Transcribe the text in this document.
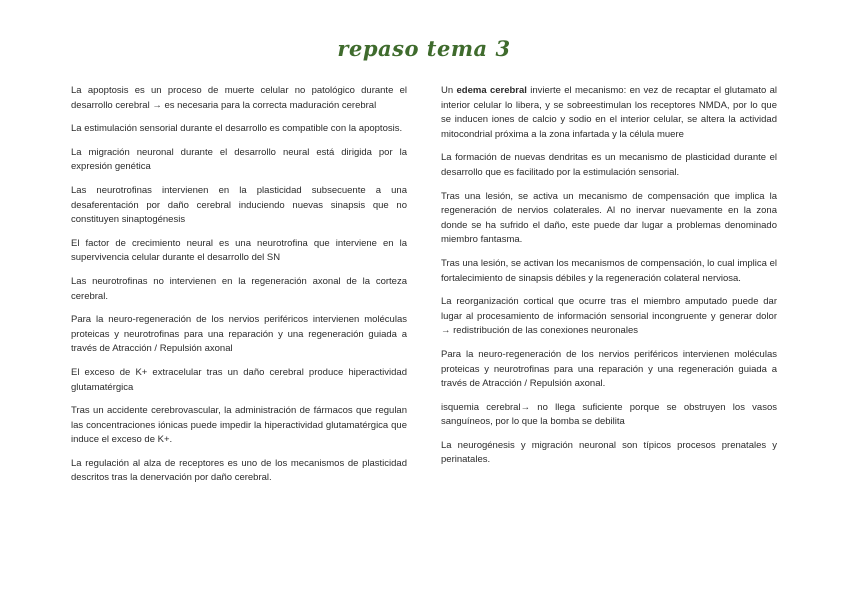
repaso tema 3

La apoptosis es un proceso de muerte celular no patológico durante el desarrollo cerebral → es necesaria para la correcta maduración cerebral

La estimulación sensorial durante el desarrollo es compatible con la apoptosis.

La migración neuronal durante el desarrollo neural está dirigida por la expresión genética

Las neurotrofinas intervienen en la plasticidad subsecuente a una desaferentación por daño cerebral induciendo nuevas sinapsis que no constituyen sinaptogénesis

El factor de crecimiento neural es una neurotrofina que interviene en la supervivencia celular durante el desarrollo del SN

Las neurotrofinas no intervienen en la regeneración axonal de la corteza cerebral.

Para la neuro-regeneración de los nervios periféricos intervienen moléculas proteicas y neurotrofinas para una reparación y una regeneración guiada a través de Atracción / Repulsión axonal

El exceso de K+ extracelular tras un daño cerebral produce hiperactividad glutamatérgica

Tras un accidente cerebrovascular, la administración de fármacos que regulan las concentraciones iónicas puede impedir la hiperactividad glutamatérgica que induce el exceso de K+.

La regulación al alza de receptores es uno de los mecanismos de plasticidad descritos tras la denervación por daño cerebral.

Un edema cerebral invierte el mecanismo: en vez de recaptar el glutamato al interior celular lo libera, y se sobreestimulan los receptores NMDA, por lo que se inducen iones de calcio y sodio en el interior celular, se altera la actividad mitocondrial próxima a la zona infartada y la célula muere

La formación de nuevas dendritas es un mecanismo de plasticidad durante el desarrollo que es facilitado por la estimulación sensorial.

Tras una lesión, se activa un mecanismo de compensación que implica la regeneración de nervios colaterales. Al no inervar nuevamente en la zona donde se ha sufrido el daño, este puede dar lugar a problemas denominado miembro fantasma.

Tras una lesión, se activan los mecanismos de compensación, lo cual implica el fortalecimiento de sinapsis débiles y la regeneración colateral nerviosa.

La reorganización cortical que ocurre tras el miembro amputado puede dar lugar al procesamiento de información sensorial incongruente y generar dolor → redistribución de las conexiones neuronales

Para la neuro-regeneración de los nervios periféricos intervienen moléculas proteicas y neurotrofinas para una reparación y una regeneración guiada a través de Atracción / Repulsión axonal.

isquemia cerebral→ no llega suficiente porque se obstruyen los vasos sanguíneos, por lo que la bomba se debilita

La neurogénesis y migración neuronal son típicos procesos prenatales y perinatales.
